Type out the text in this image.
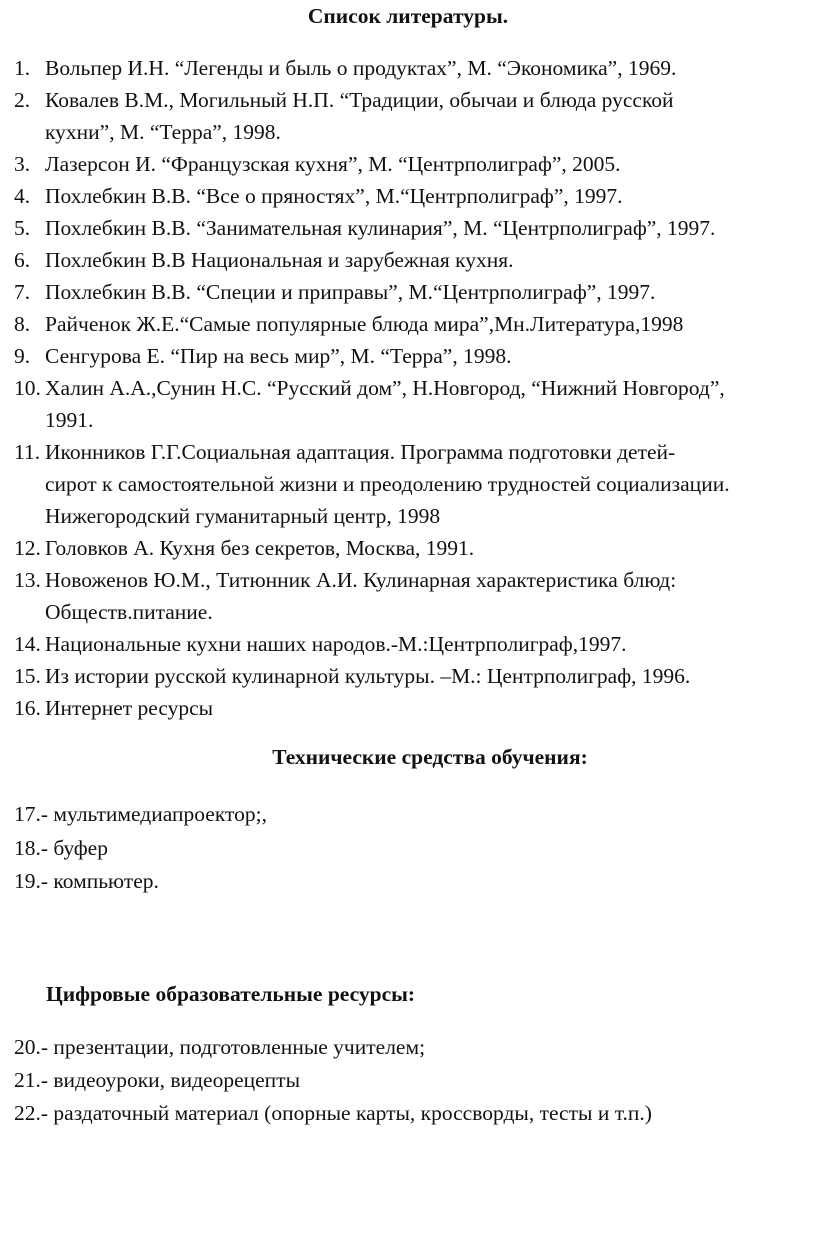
Список литературы.
1. Вольпер И.Н. “Легенды и быль о продуктах”, М. “Экономика”, 1969.
2. Ковалев В.М., Могильный Н.П. “Традиции, обычаи и блюда русской
кухни”, М. “Терра”, 1998.
3. Лазерсон И. “Французская кухня”, М. “Центрполиграф”, 2005.
4. Похлебкин В.В. “Все о пряностях”, М.“Центрполиграф”, 1997.
5. Похлебкин В.В. “Занимательная кулинария”, М. “Центрполиграф”, 1997.
6. Похлебкин В.В Национальная и зарубежная кухня.
7. Похлебкин В.В. “Специи и приправы”, М.“Центрполиграф”, 1997.
8. Райченок Ж.Е.“Самые популярные блюда мира”,Мн.Литература,1998
9. Сенгурова Е. “Пир на весь мир”, М. “Терра”, 1998.
10. Халин А.А.,Сунин Н.С. “Русский дом”, Н.Новгород, “Нижний Новгород”,
1991.
11. Иконников Г.Г.Социальная адаптация. Программа подготовки детей-
сирот к самостоятельной жизни и преодолению трудностей социализации.
Нижегородский гуманитарный центр, 1998
12. Головков А. Кухня без секретов, Москва, 1991.
13. Новоженов Ю.М., Титюнник А.И. Кулинарная характеристика блюд:
Обществ.питание.
14. Национальные кухни наших народов.-М.:Центрполиграф,1997.
15. Из истории русской кулинарной культуры. –М.: Центрполиграф, 1996.
16. Интернет ресурсы
Технические средства обучения:
17.- мультимедиапроектор;,
18.- буфер
19.- компьютер.
Цифровые образовательные ресурсы:
20.- презентации, подготовленные учителем;
21.- видеоуроки, видеорецепты
22.- раздаточный материал (опорные карты, кроссворды, тесты и т.п.)
